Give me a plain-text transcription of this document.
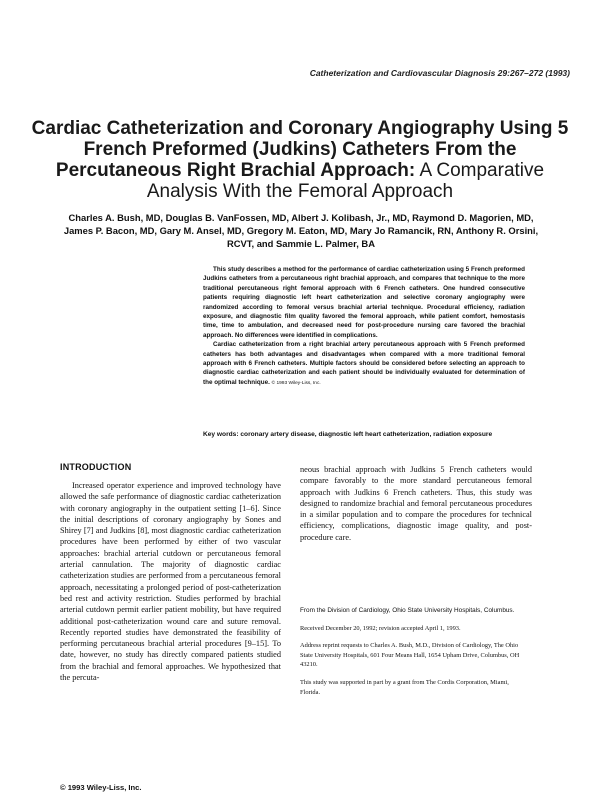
Catheterization and Cardiovascular Diagnosis 29:267–272 (1993)
Cardiac Catheterization and Coronary Angiography Using 5 French Preformed (Judkins) Catheters From the Percutaneous Right Brachial Approach: A Comparative Analysis With the Femoral Approach
Charles A. Bush, MD, Douglas B. VanFossen, MD, Albert J. Kolibash, Jr., MD, Raymond D. Magorien, MD, James P. Bacon, MD, Gary M. Ansel, MD, Gregory M. Eaton, MD, Mary Jo Ramancik, RN, Anthony R. Orsini, RCVT, and Sammie L. Palmer, BA

This study describes a method for the performance of cardiac catheterization using 5 French preformed Judkins catheters from a percutaneous right brachial approach, and compares that technique to the more traditional percutaneous right femoral approach with 6 French catheters. One hundred consecutive patients requiring diagnostic left heart catheterization and selective coronary angiography were randomized according to femoral versus brachial arterial technique. Procedural efficiency, radiation exposure, and diagnostic film quality favored the femoral approach, while patient comfort, hemostasis time, time to ambulation, and decreased need for post-procedure nursing care favored the brachial approach. No differences were identified in complications.

Cardiac catheterization from a right brachial artery percutaneous approach with 5 French preformed catheters has both advantages and disadvantages when compared with a more traditional femoral approach with 6 French catheters. Multiple factors should be considered before selecting an approach to diagnostic cardiac catheterization and each patient should be individually evaluated for determination of the optimal technique. © 1993 Wiley-Liss, Inc.

Key words: coronary artery disease, diagnostic left heart catheterization, radiation exposure
INTRODUCTION

Increased operator experience and improved technology have allowed the safe performance of diagnostic cardiac catheterization with coronary angiography in the outpatient setting [1–6]. Since the initial descriptions of coronary angiography by Sones and Shirey [7] and Judkins [8], most diagnostic cardiac catheterization procedures have been performed by either of two vascular approaches: brachial arterial cutdown or percutaneous femoral arterial cannulation. The majority of diagnostic cardiac catheterization studies are performed from a percutaneous femoral approach, necessitating a prolonged period of post-catheterization bed rest and activity restriction. Studies performed by brachial arterial cutdown permit earlier patient mobility, but have required additional post-catheterization wound care and suture removal. Recently reported studies have demonstrated the feasibility of performing percutaneous brachial arterial procedures [9–15]. To date, however, no study has directly compared patients studied from the brachial and femoral approaches. We hypothesized that the percuta-

neous brachial approach with Judkins 5 French catheters would compare favorably to the more standard percutaneous femoral approach with Judkins 6 French catheters. Thus, this study was designed to randomize brachial and femoral percutaneous procedures in a similar population and to compare the procedures for technical efficiency, complications, diagnostic image quality, and post-procedure care.

From the Division of Cardiology, Ohio State University Hospitals, Columbus.

Received December 20, 1992; revision accepted April 1, 1993.

Address reprint requests to Charles A. Bush, M.D., Division of Cardiology, The Ohio State University Hospitals, 601 Four Means Hall, 1654 Upham Drive, Columbus, OH 43210.

This study was supported in part by a grant from The Cordis Corporation, Miami, Florida.

© 1993 Wiley-Liss, Inc.
